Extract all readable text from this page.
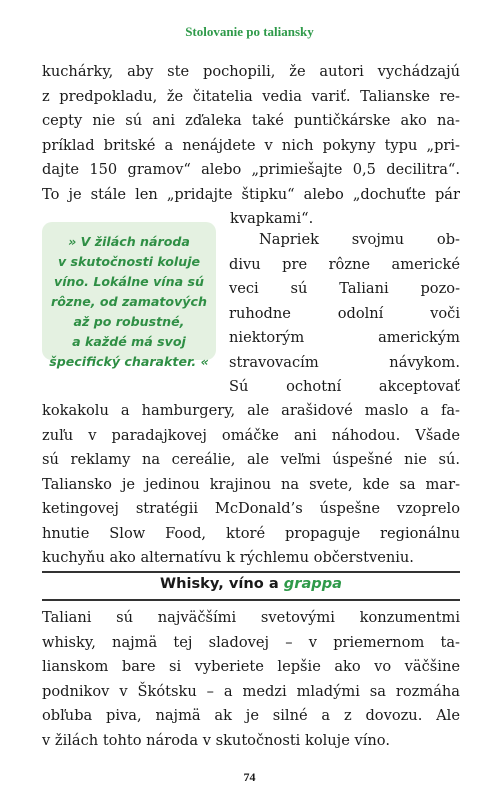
Stolovanie po taliansky
kuchárky, aby ste pochopili, že autori vychádzajú
z predpokladu, že čitatelia vedia variť. Talianske re-
cepty nie sú ani zďaleka také puntičkárske ako na-
príklad britské a nenájdete v nich pokyny typu „pri-
dajte 150 gramov“ alebo „primiešajte 0,5 decilitra“.
To je stále len „pridajte štipku“ alebo „dochuťte pár
kvapkami“.
» V žilách národa
v skutočnosti koluje
víno. Lokálne vína sú
rôzne, od zamatových
až po robustné,
a každé má svoj
špecifický charakter. «
Napriek svojmu ob-
divu pre rôzne americké
veci sú Taliani pozo-
ruhodne odolní voči
niektorým americkým
stravovacím návykom.
Sú ochotní akceptovať
kokakolu a hamburgery, ale arašidové maslo a fa-
zuľu v paradajkovej omáčke ani náhodou. Všade
sú reklamy na cereálie, ale veľmi úspešné nie sú.
Taliansko je jedinou krajinou na svete, kde sa mar-
ketingovej stratégii McDonald’s úspešne vzoprelo
hnutie Slow Food, ktoré propaguje regionálnu
kuchyňu ako alternatívu k rýchlemu občerstveniu.
Whisky, víno a grappa
Taliani sú najväčšími svetovými konzumentmi
whisky, najmä tej sladovej – v priemernom ta-
lianskom bare si vyberiete lepšie ako vo väčšine
podnikov v Škótsku – a medzi mladými sa rozmáha
obľuba piva, najmä ak je silné a z dovozu. Ale
v žilách tohto národa v skutočnosti koluje víno.
74
